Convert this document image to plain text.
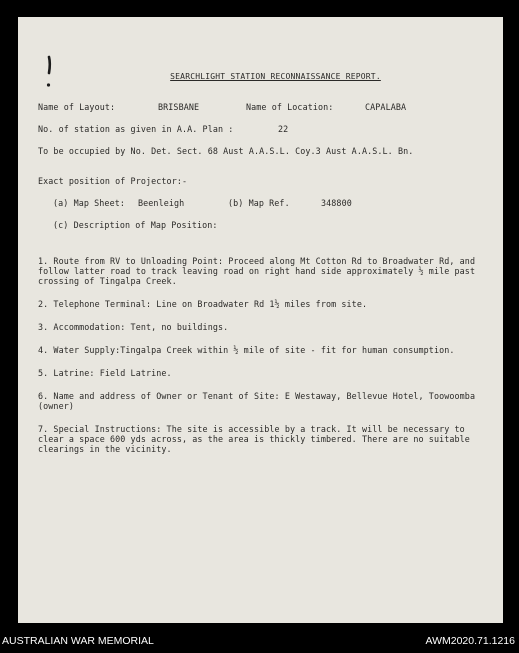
SEARCHLIGHT STATION RECONNAISSANCE REPORT.
Name of Layout:	BRISBANE	Name of Location:	CAPALABA
No. of station as given in A.A. Plan :	22
To be occupied by No. Det. Sect. 68 Aust A.A.S.L. Coy.3 Aust A.A.S.L. Bn.
Exact position of Projector:-
(a) Map Sheet: Beenleigh	(b) Map Ref.	348800
(c) Description of Map Position:

1. Route from RV to Unloading Point: Proceed along Mt Cotton Rd to Broadwater Rd, and follow latter road to track leaving road on right hand side approximately ½ mile past crossing of Tingalpa Creek.

2. Telephone Terminal: Line on Broadwater Rd 1½ miles from site.

3. Accommodation: Tent, no buildings.

4. Water Supply:Tingalpa Creek within ½ mile of site - fit for human consumption.

5. Latrine: Field Latrine.

6. Name and address of Owner or Tenant of Site: E Westaway, Bellevue Hotel, Toowoomba (owner)

7. Special Instructions: The site is accessible by a track. It will be necessary to clear a space 600 yds across, as the area is thickly timbered. There are no suitable clearings in the vicinity.

AUSTRALIAN WAR MEMORIAL	AWM2020.71.1216
